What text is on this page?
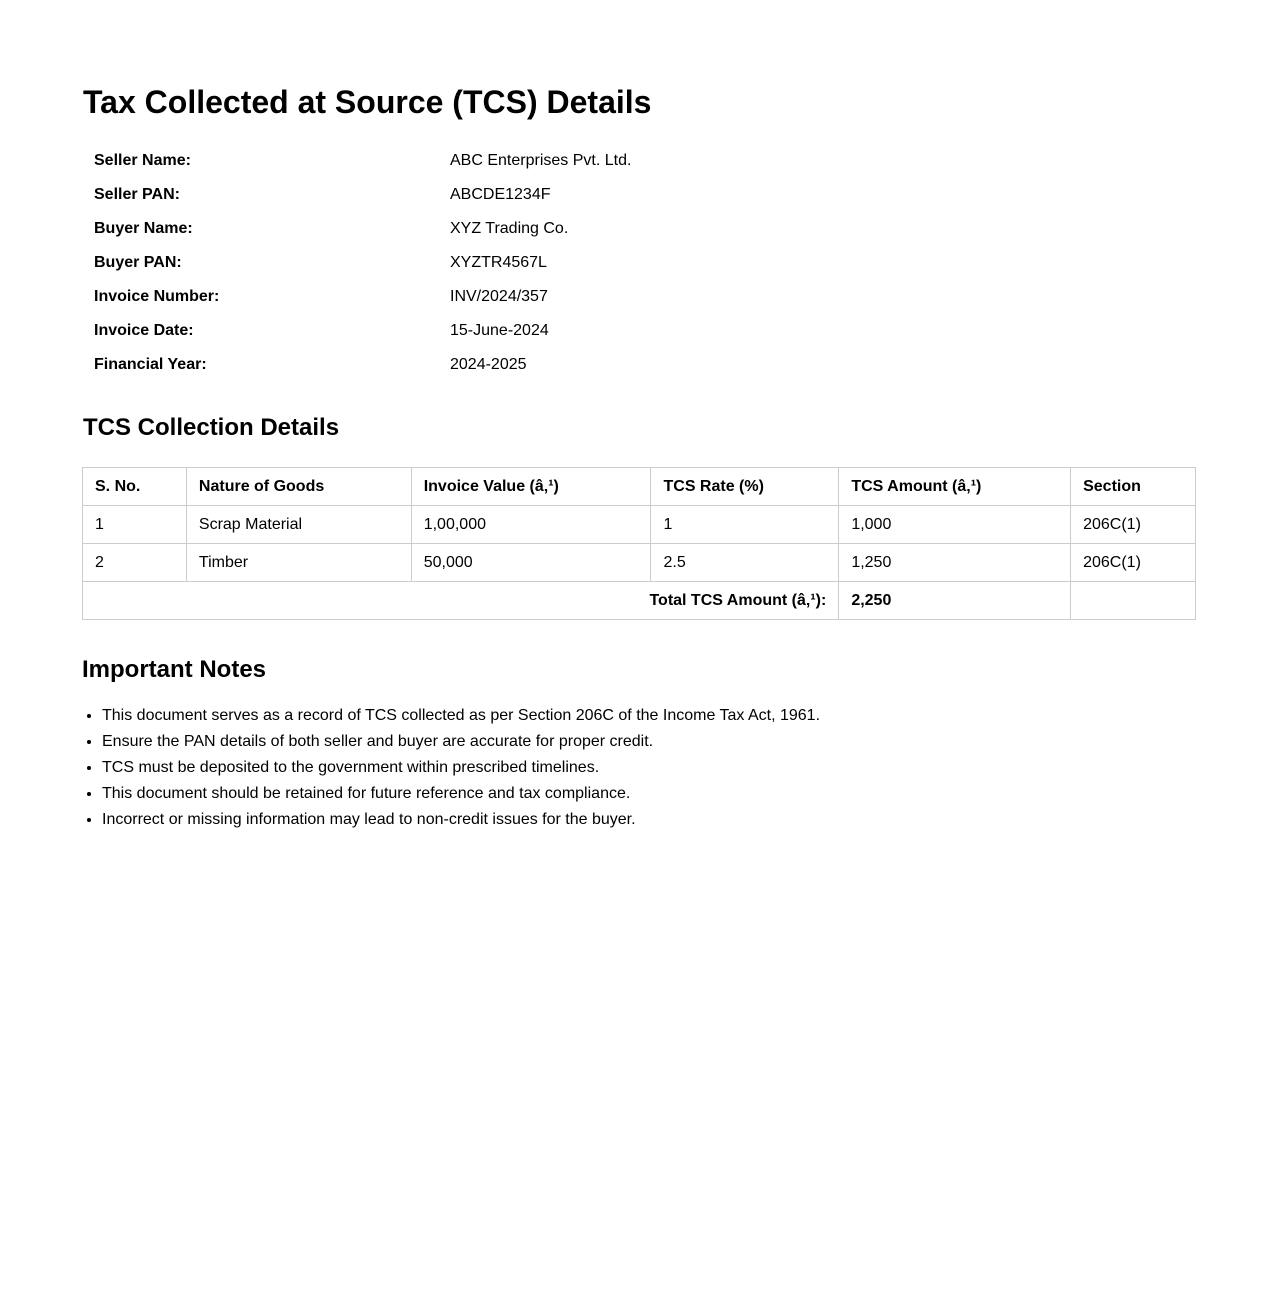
Tax Collected at Source (TCS) Details
Seller Name:	ABC Enterprises Pvt. Ltd.
Seller PAN:	ABCDE1234F
Buyer Name:	XYZ Trading Co.
Buyer PAN:	XYZTR4567L
Invoice Number:	INV/2024/357
Invoice Date:	15-June-2024
Financial Year:	2024-2025
TCS Collection Details
S. No.	Nature of Goods	Invoice Value (â‚¹)	TCS Rate (%)	TCS Amount (â‚¹)	Section
1	Scrap Material	1,00,000	1	1,000	206C(1)
2	Timber	50,000	2.5	1,250	206C(1)
Total TCS Amount (â‚¹):				2,250	
Important Notes
• This document serves as a record of TCS collected as per Section 206C of the Income Tax Act, 1961.
• Ensure the PAN details of both seller and buyer are accurate for proper credit.
• TCS must be deposited to the government within prescribed timelines.
• This document should be retained for future reference and tax compliance.
• Incorrect or missing information may lead to non-credit issues for the buyer.
